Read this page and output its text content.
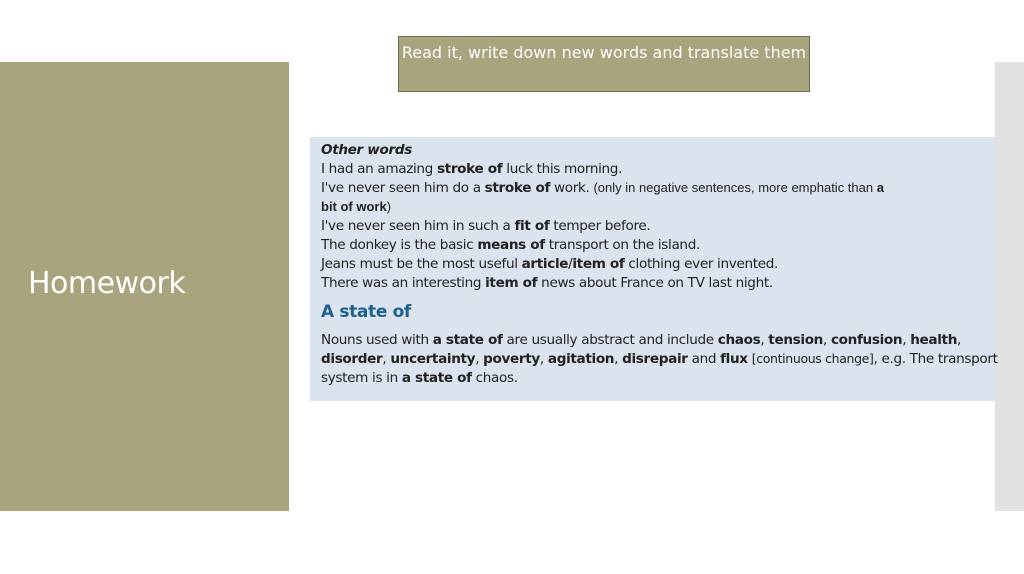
Homework
Read it, write down new words and translate them
Other words
I had an amazing stroke of luck this morning.
I've never seen him do a stroke of work. (only in negative sentences, more emphatic than a
bit of work)
I've never seen him in such a fit of temper before.
The donkey is the basic means of transport on the island.
Jeans must be the most useful article/item of clothing ever invented.
There was an interesting item of news about France on TV last night.
A state of
Nouns used with a state of are usually abstract and include chaos, tension, confusion, health,
disorder, uncertainty, poverty, agitation, disrepair and flux [continuous change], e.g. The transport
system is in a state of chaos.
